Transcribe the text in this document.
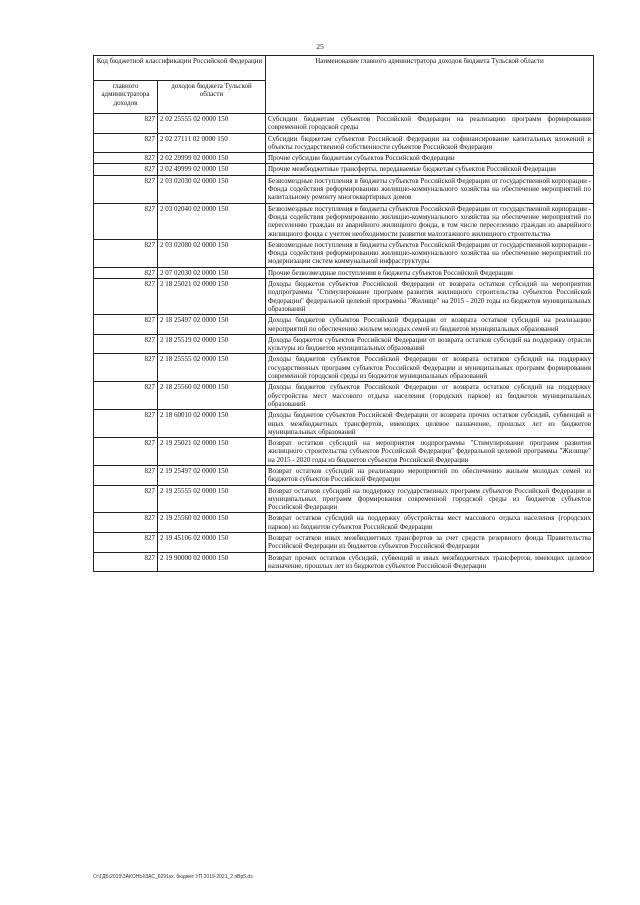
25
Код бюджетной классификации Российской Федерации		Наименование главного администратора доходов бюджета Тульской области
главного администратора доходов	доходов бюджета Тульской области	
827	2 02 25555 02 0000 150	Субсидии бюджетам субъектов Российской Федерации на реализацию программ формирования современной городской среды
827	2 02 27111 02 0000 150	Субсидии бюджетам субъектов Российской Федерации на софинансирование капитальных вложений в объекты государственной собственности субъектов Российской Федерации
827	2 02 29999 02 0000 150	Прочие субсидии бюджетам субъектов Российской Федерации
827	2 02 49999 02 0000 150	Прочие межбюджетные трансферты, передаваемые бюджетам субъектов Российской Федерации
827	2 03 02030 02 0000 150	Безвозмездные поступления в бюджеты субъектов Российской Федерации от государственной корпорации - Фонда содействия реформированию жилищно-коммунального хозяйства на обеспечение мероприятий по капитальному ремонту многоквартирных домов
827	2 03 02040 02 0000 150	Безвозмездные поступления в бюджеты субъектов Российской Федерации от государственной корпорации - Фонда содействия реформированию жилищно-коммунального хозяйства на обеспечение мероприятий по переселению граждан из аварийного жилищного фонда, в том числе переселению граждан из аварийного жилищного фонда с учетом необходимости развития малоэтажного жилищного строительства
827	2 03 02080 02 0000 150	Безвозмездные поступления в бюджеты субъектов Российской Федерации от государственной корпорации - Фонда содействия реформированию жилищно-коммунального хозяйства на обеспечение мероприятий по модернизации систем коммунальной инфраструктуры
827	2 07 02030 02 0000 150	Прочие безвозмездные поступления в бюджеты субъектов Российской Федерации
827	2 18 25021 02 0000 150	Доходы бюджетов субъектов Российской Федерации от возврата остатков субсидий на мероприятия подпрограммы "Стимулирование программ развития жилищного строительства субъектов Российской Федерации" федеральной целевой программы "Жилище" на 2015 - 2020 годы из бюджетов муниципальных образований
827	2 18 25497 02 0000 150	Доходы бюджетов субъектов Российской Федерации от возврата остатков субсидий на реализацию мероприятий по обеспечению жильем молодых семей из бюджетов муниципальных образований
827	2 18 25519 02 0000 150	Доходы бюджетов субъектов Российской Федерации от возврата остатков субсидий на поддержку отрасли культуры из бюджетов муниципальных образований
827	2 18 25555 02 0000 150	Доходы бюджетов субъектов Российской Федерации от возврата остатков субсидий на поддержку государственных программ субъектов Российской Федерации и муниципальных программ формирования современной городской среды из бюджетов муниципальных образований
827	2 18 25560 02 0000 150	Доходы бюджетов субъектов Российской Федерации от возврата остатков субсидий на поддержку обустройства мест массового отдыха населения (городских парков) из бюджетов муниципальных образований
827	2 18 60010 02 0000 150	Доходы бюджетов субъектов Российской Федерации от возврата прочих остатков субсидий, субвенций и иных межбюджетных трансфертов, имеющих целевое назначение, прошлых лет из бюджетов муниципальных образований
827	2 19 25021 02 0000 150	Возврат остатков субсидий на мероприятия подпрограммы "Стимулирование программ развития жилищного строительства субъектов Российской Федерации" федеральной целевой программы "Жилище" на 2015 - 2020 годы из бюджетов субъектов Российской Федерации
827	2 19 25497 02 0000 150	Возврат остатков субсидий на реализацию мероприятий по обеспечению жильем молодых семей из бюджетов субъектов Российской Федерации
827	2 19 25555 02 0000 150	Возврат остатков субсидий на поддержку государственных программ субъектов Российской Федерации и муниципальных программ формирования современной городской среды из бюджетов субъектов Российской Федерации
827	2 19 25560 02 0000 150	Возврат остатков субсидий на поддержку обустройства мест массового отдыха населения (городских парков) из бюджетов субъектов Российской Федерации
827	2 19 45106 02 0000 150	Возврат остатков иных межбюджетных трансфертов за счет средств резервного фонда Правительства Российской Федерации из бюджетов субъектов Российской Федерации
827	2 19 90000 02 0000 150	Возврат прочих остатков субсидий, субвенций и иных межбюджетных трансфертов, имеющих целевое назначение, прошлых лет из бюджетов субъектов Российской Федерации
O:\ГДБ\2019\ЗАКОНЫ\ЗАС_6291кх. бюджет УП 2019-2021_2 пВр5.ds
